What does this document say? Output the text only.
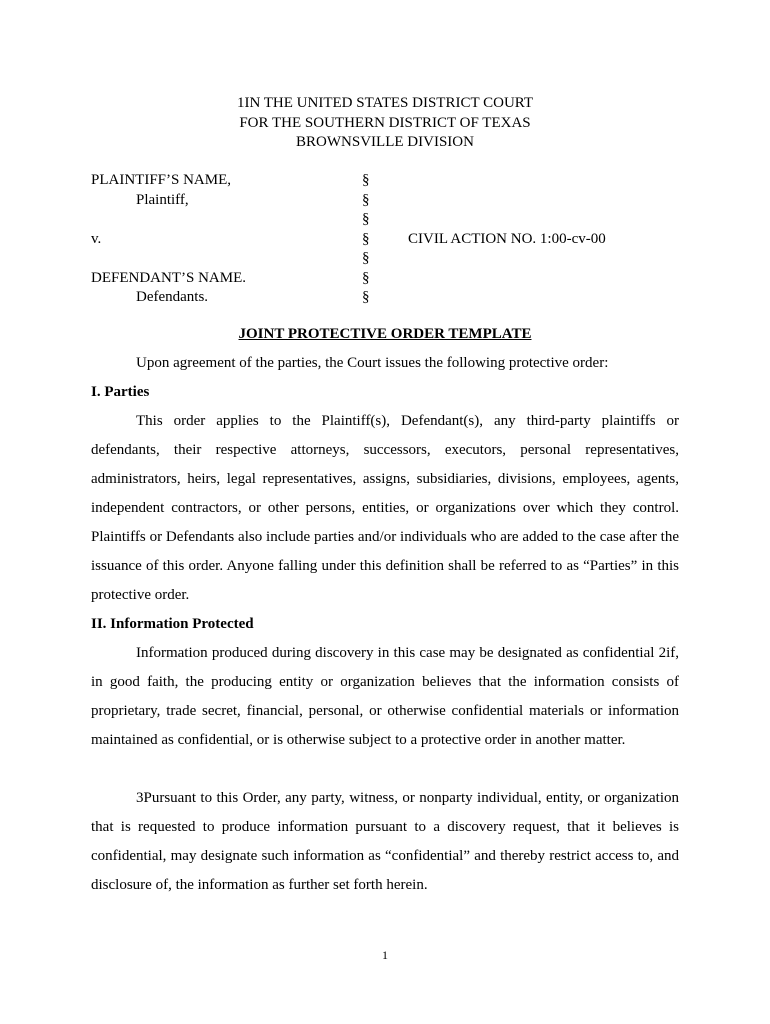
1IN THE UNITED STATES DISTRICT COURT
FOR THE SOUTHERN DISTRICT OF TEXAS
BROWNSVILLE DIVISION
PLAINTIFF’S NAME,	§
Plaintiff,	§
§
v.	§	CIVIL ACTION NO. 1:00-cv-00
§
DEFENDANT’S NAME.	§
Defendants.	§
JOINT PROTECTIVE ORDER TEMPLATE
Upon agreement of the parties, the Court issues the following protective order:
I. Parties

This order applies to the Plaintiff(s), Defendant(s), any third-party plaintiffs or defendants, their respective attorneys, successors, executors, personal representatives, administrators, heirs, legal representatives, assigns, subsidiaries, divisions, employees, agents, independent contractors, or other persons, entities, or organizations over which they control. Plaintiffs or Defendants also include parties and/or individuals who are added to the case after the issuance of this order. Anyone falling under this definition shall be referred to as “Parties” in this protective order.

II. Information Protected

Information produced during discovery in this case may be designated as confidential 2if, in good faith, the producing entity or organization believes that the information consists of proprietary, trade secret, financial, personal, or otherwise confidential materials or information maintained as confidential, or is otherwise subject to a protective order in another matter.

3Pursuant to this Order, any party, witness, or nonparty individual, entity, or organization that is requested to produce information pursuant to a discovery request, that it believes is confidential, may designate such information as “confidential” and thereby restrict access to, and disclosure of, the information as further set forth herein.

1
